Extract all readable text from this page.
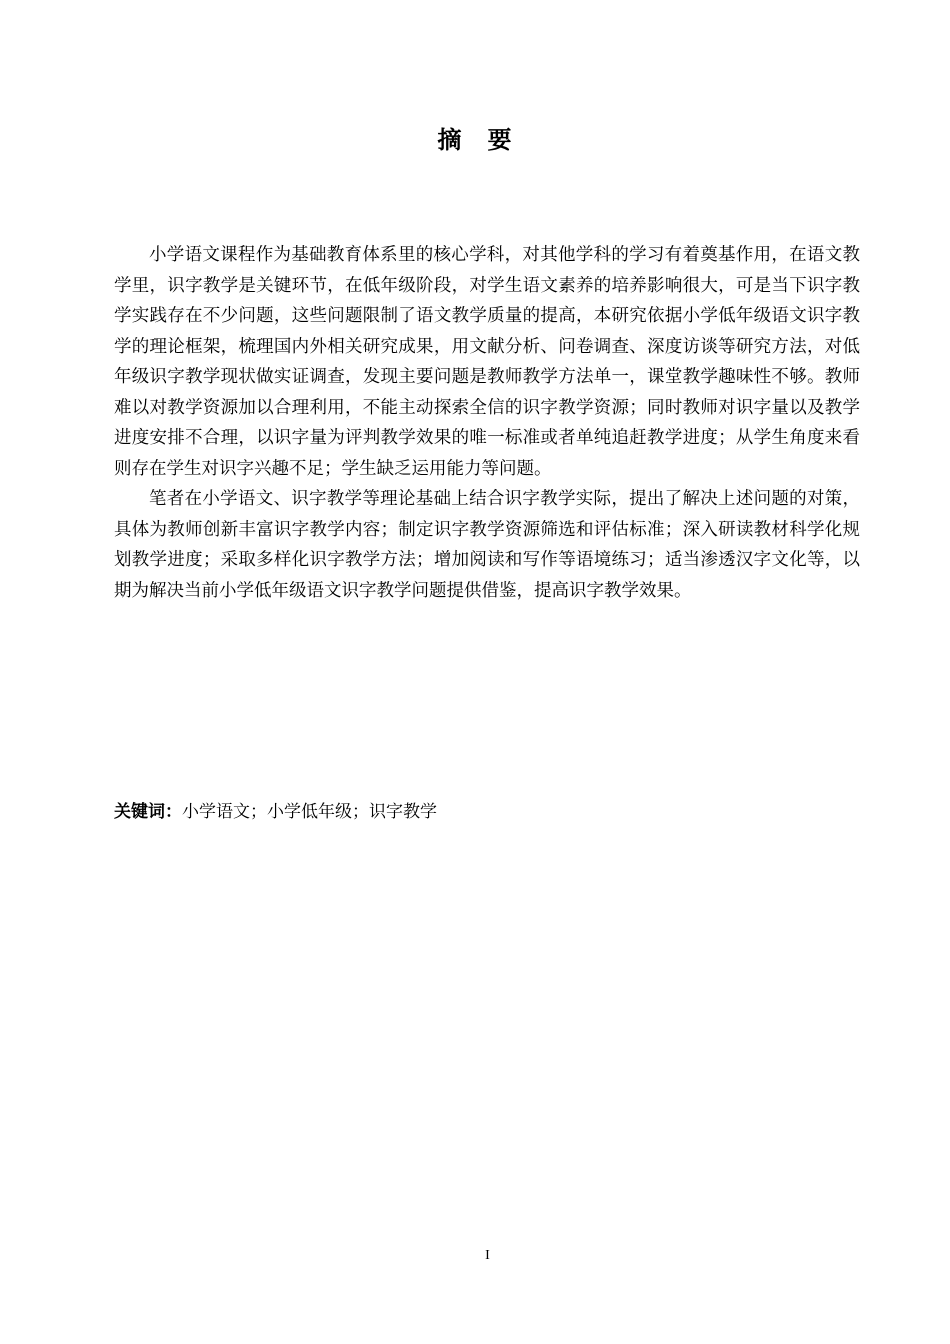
摘要

小学语文课程作为基础教育体系里的核心学科，对其他学科的学习有着奠基作用，在语文教学里，识字教学是关键环节，在低年级阶段，对学生语文素养的培养影响很大，可是当下识字教学实践存在不少问题，这些问题限制了语文教学质量的提高，本研究依据小学低年级语文识字教学的理论框架，梳理国内外相关研究成果，用文献分析、问卷调查、深度访谈等研究方法，对低年级识字教学现状做实证调查，发现主要问题是教师教学方法单一，课堂教学趣味性不够。教师难以对教学资源加以合理利用，不能主动探索全信的识字教学资源；同时教师对识字量以及教学进度安排不合理，以识字量为评判教学效果的唯一标准或者单纯追赶教学进度；从学生角度来看则存在学生对识字兴趣不足；学生缺乏运用能力等问题。

笔者在小学语文、识字教学等理论基础上结合识字教学实际，提出了解决上述问题的对策，具体为教师创新丰富识字教学内容；制定识字教学资源筛选和评估标准；深入研读教材科学化规划教学进度；采取多样化识字教学方法；增加阅读和写作等语境练习；适当渗透汉字文化等，以期为解决当前小学低年级语文识字教学问题提供借鉴，提高识字教学效果。

关键词：小学语文；小学低年级；识字教学
I
